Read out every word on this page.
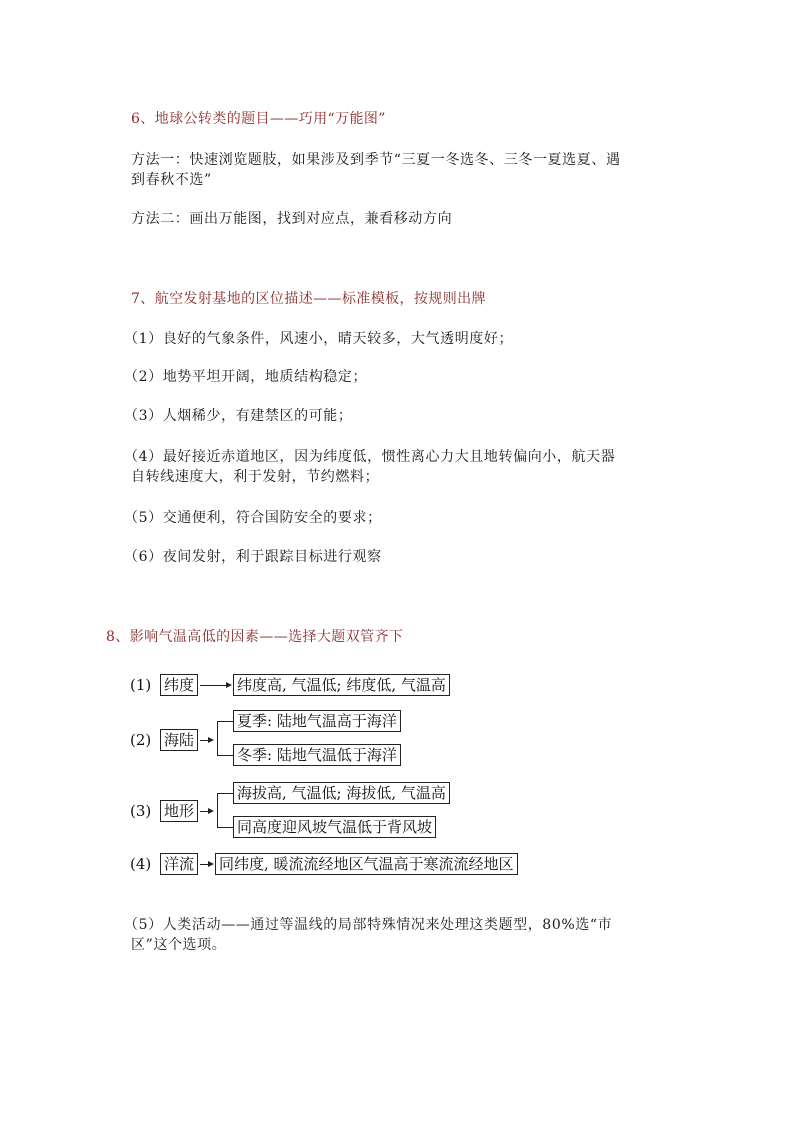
6、地球公转类的题目——巧用“万能图”
方法一：快速浏览题肢，如果涉及到季节“三夏一冬选冬、三冬一夏选夏、遇
到春秋不选”
方法二：画出万能图，找到对应点，兼看移动方向
7、航空发射基地的区位描述——标准模板，按规则出牌
（1）良好的气象条件，风速小，晴天较多，大气透明度好；
（2）地势平坦开阔，地质结构稳定；
（3）人烟稀少，有建禁区的可能；
（4）最好接近赤道地区，因为纬度低，惯性离心力大且地转偏向小，航天器
自转线速度大，利于发射，节约燃料；
（5）交通便利，符合国防安全的要求；
（6）夜间发射，利于跟踪目标进行观察
8、影响气温高低的因素——选择大题双管齐下
(1) 纬度	纬度高, 气温低; 纬度低, 气温高
(2) 海陆
夏季: 陆地气温高于海洋
冬季: 陆地气温低于海洋
(3) 地形
海拔高, 气温低; 海拔低, 气温高
同高度迎风坡气温低于背风坡
(4) 洋流 同纬度, 暖流流经地区气温高于寒流流经地区
（5）人类活动——通过等温线的局部特殊情况来处理这类题型，80%选“市
区”这个选项。
